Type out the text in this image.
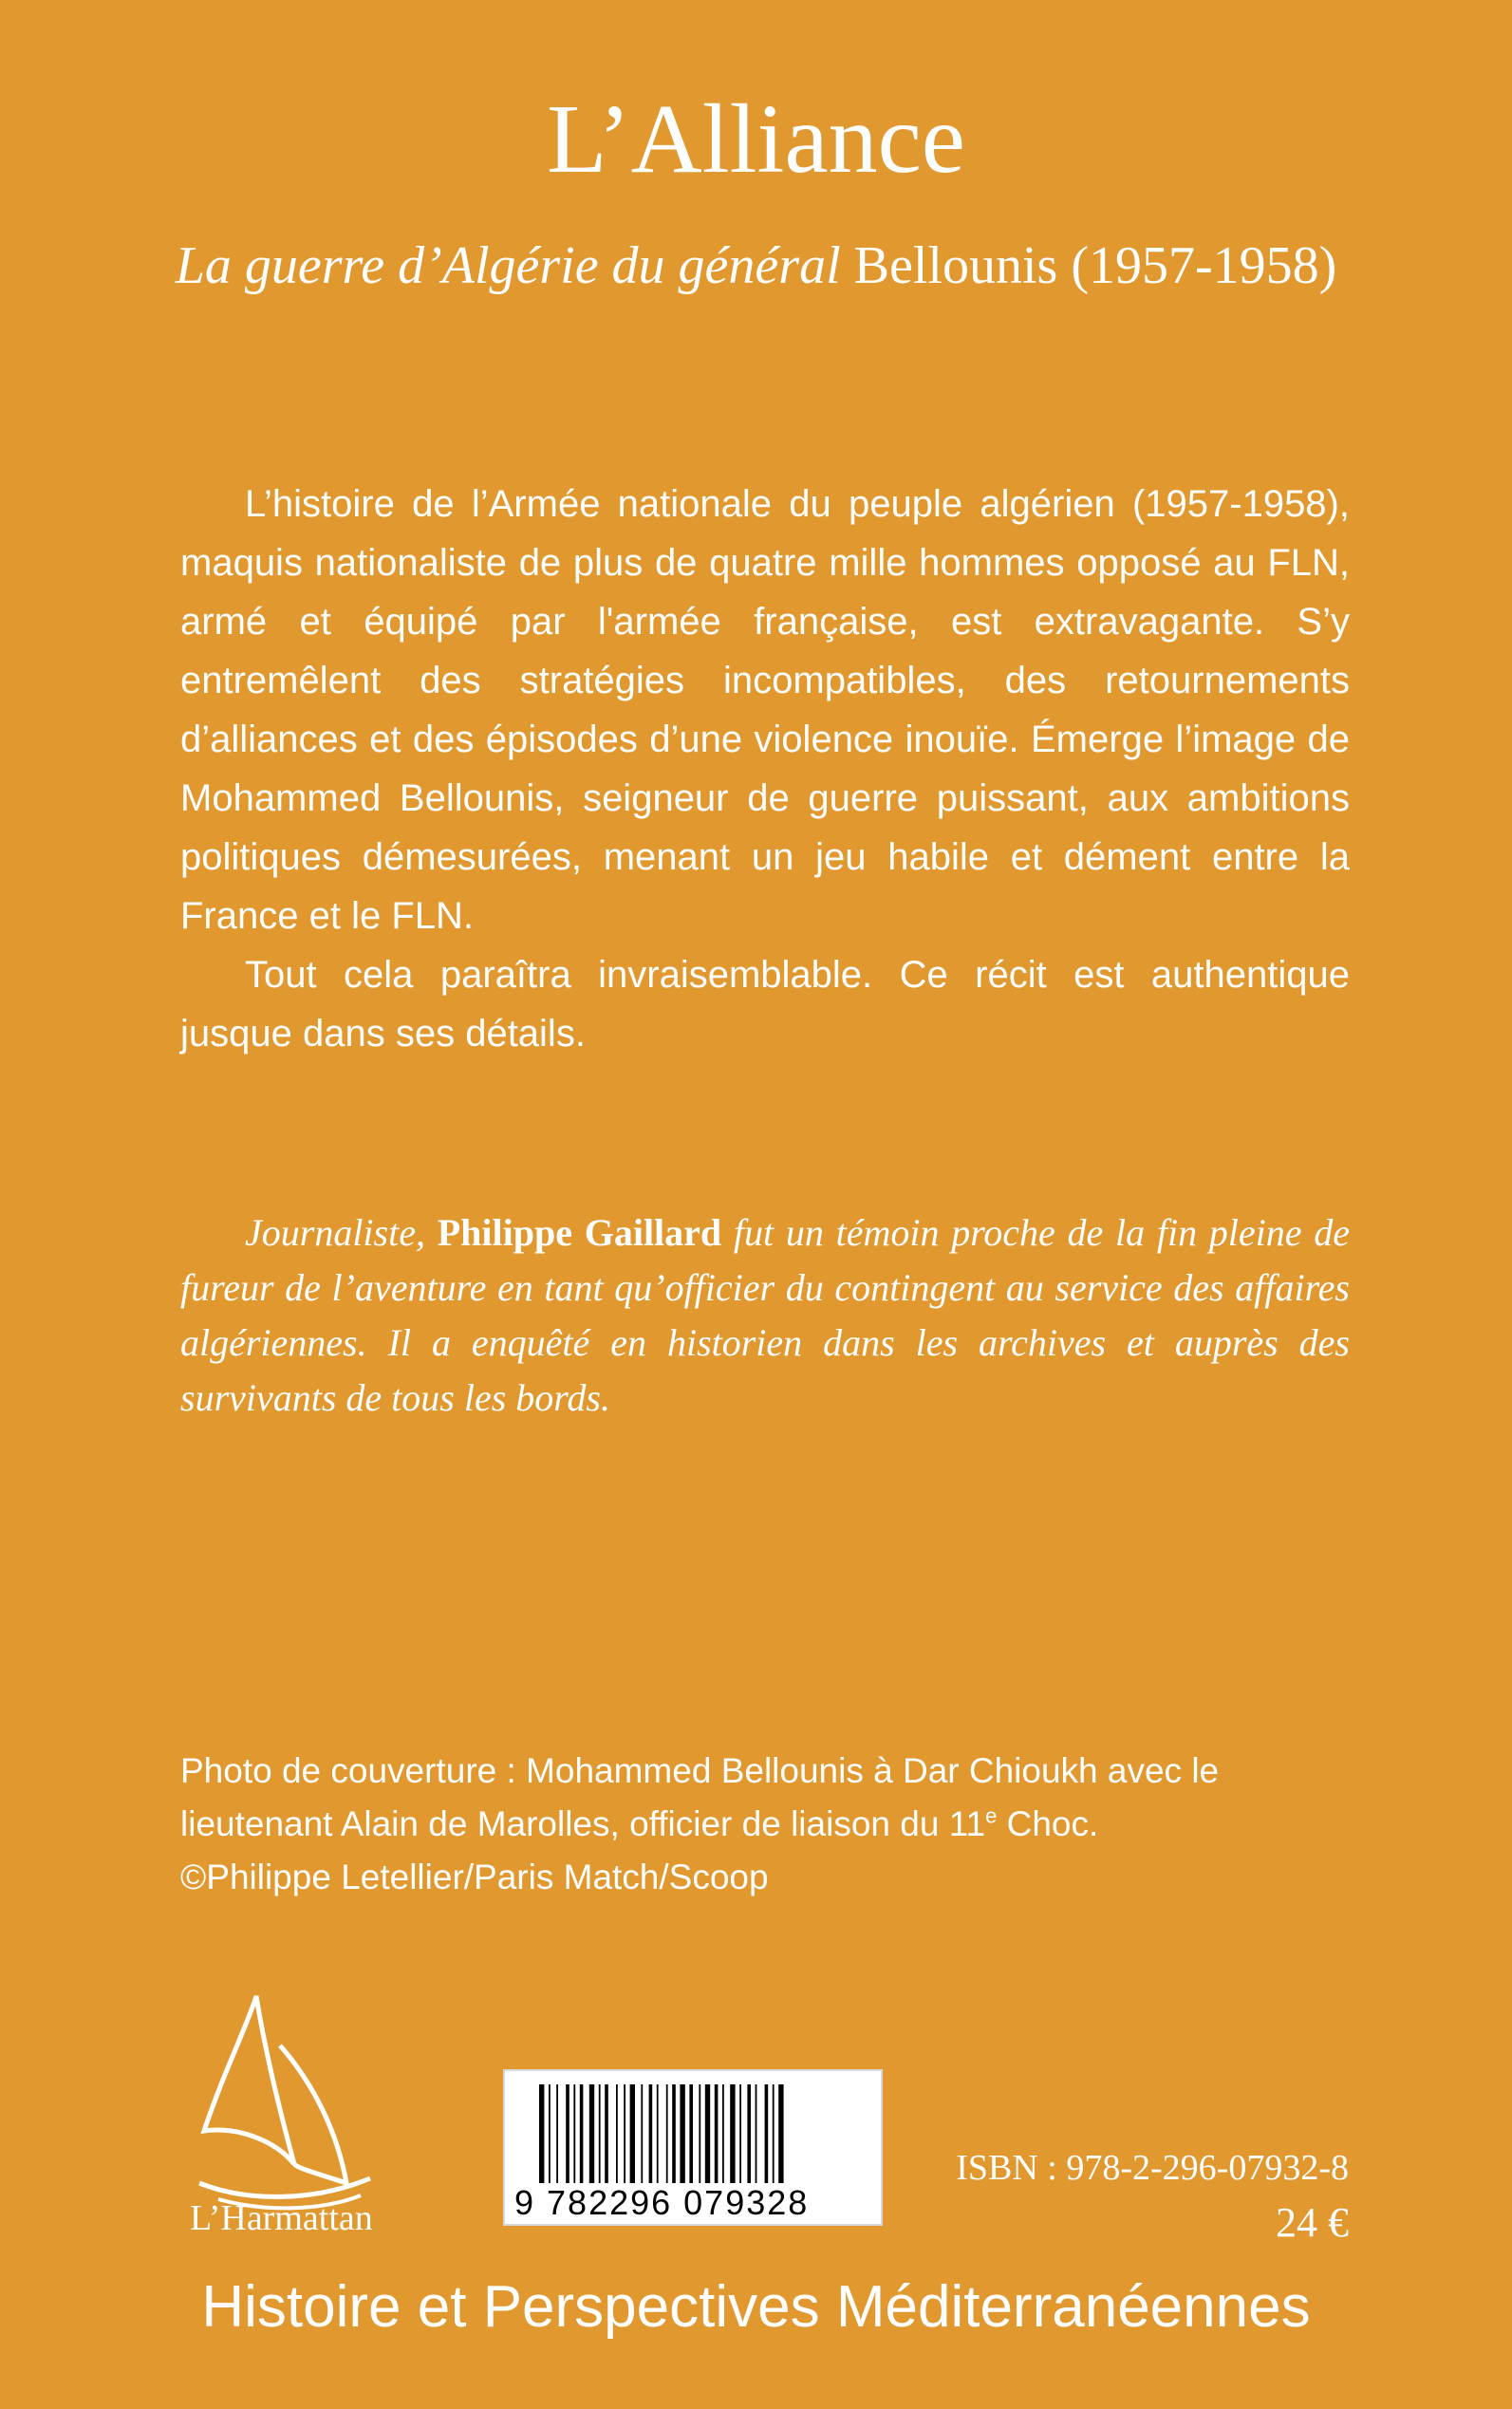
L’Alliance
La guerre d’Algérie du général Bellounis (1957-1958)

L’histoire de l’Armée nationale du peuple algérien (1957-1958), maquis nationaliste de plus de quatre mille hommes opposé au FLN, armé et équipé par l'armée française, est extravagante. S’y entremêlent des stratégies incompatibles, des retournements d’alliances et des épisodes d’une violence inouïe. Émerge l’image de Mohammed Bellounis, seigneur de guerre puissant, aux ambitions politiques démesurées, menant un jeu habile et dément entre la France et le FLN.

Tout cela paraîtra invraisemblable. Ce récit est authentique jusque dans ses détails.

Journaliste, Philippe Gaillard fut un témoin proche de la fin pleine de fureur de l’aventure en tant qu’officier du contingent au service des affaires algériennes. Il a enquêté en historien dans les archives et auprès des survivants de tous les bords.

Photo de couverture : Mohammed Bellounis à Dar Chioukh avec le
lieutenant Alain de Marolles, officier de liaison du 11e Choc.
©Philippe Letellier/Paris Match/Scoop

L’Harmattan	9 782296 079328
ISBN : 978-2-296-07932-8
24 €
Histoire et Perspectives Méditerranéennes
